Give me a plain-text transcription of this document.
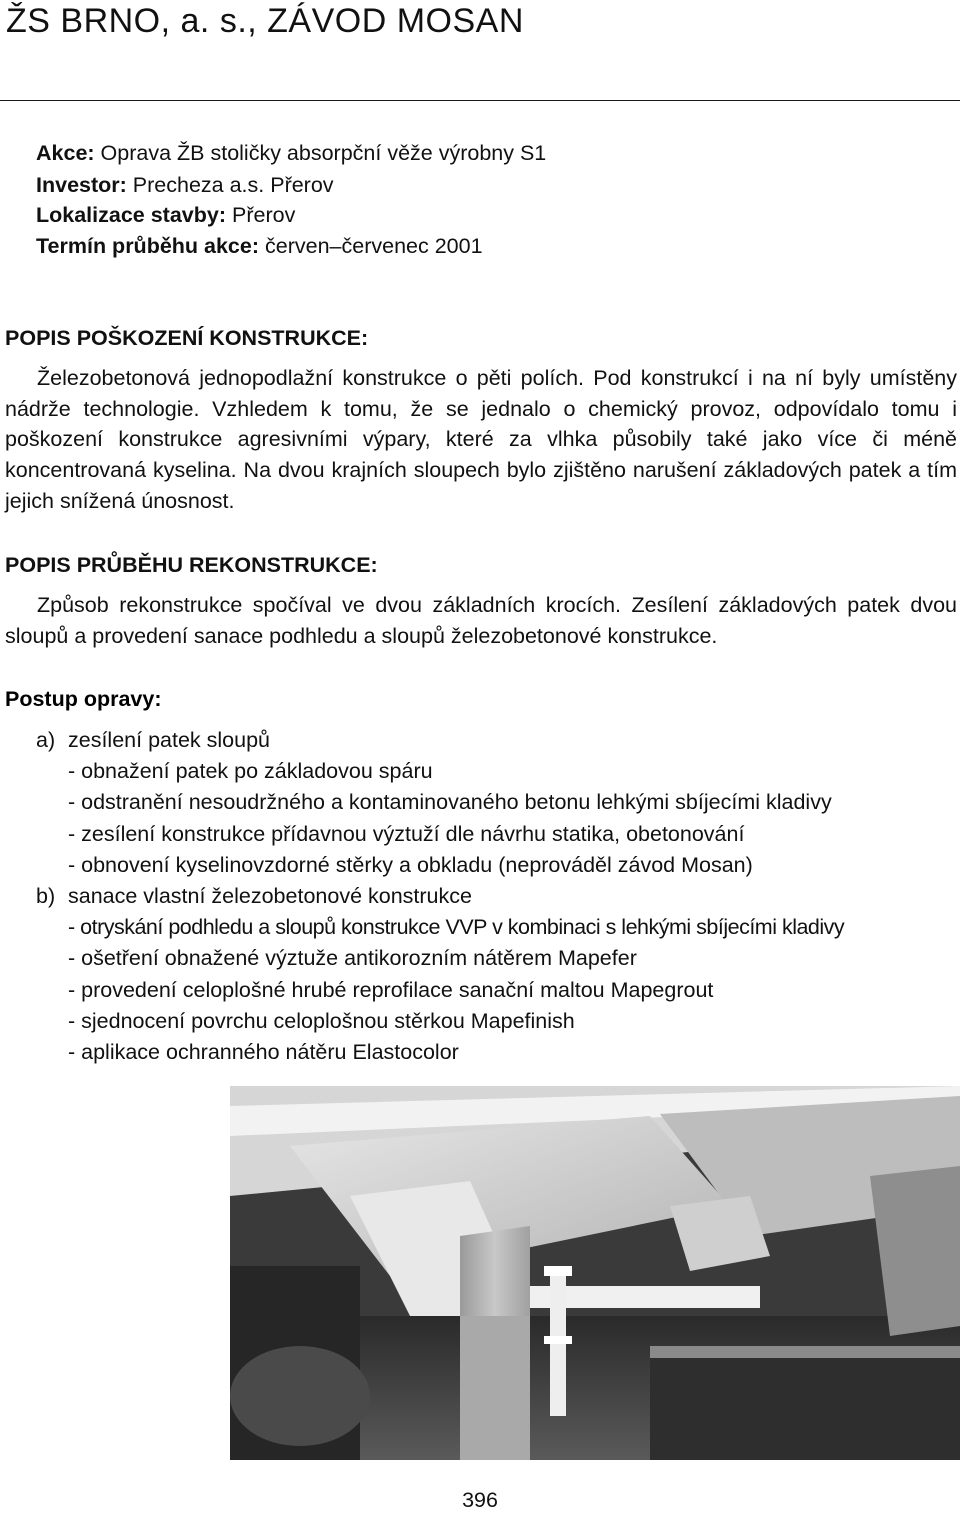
ŽS BRNO, a. s., ZÁVOD MOSAN
Akce: Oprava ŽB stoličky absorpční věže výrobny S1
Investor: Precheza a.s. Přerov
Lokalizace stavby: Přerov
Termín průběhu akce: červen–červenec 2001
POPIS POŠKOZENÍ KONSTRUKCE:

Železobetonová jednopodlažní konstrukce o pěti polích. Pod konstrukcí i na ní byly umístěny nádrže technologie. Vzhledem k tomu, že se jednalo o chemický provoz, odpovídalo tomu i poškození konstrukce agresivními výpary, které za vlhka působily také jako více či méně koncentrovaná kyselina. Na dvou krajních sloupech bylo zjištěno narušení základových patek a tím jejich snížená únosnost.

POPIS PRŮBĚHU REKONSTRUKCE:

Způsob rekonstrukce spočíval ve dvou základních krocích. Zesílení základových patek dvou sloupů a provedení sanace podhledu a sloupů železobetonové konstrukce.

Postup opravy:
a) zesílení patek sloupů
- obnažení patek po základovou spáru
- odstranění nesoudržného a kontaminovaného betonu lehkými sbíjecími kladivy
- zesílení konstrukce přídavnou výztuží dle návrhu statika, obetonování
- obnovení kyselinovzdorné stěrky a obkladu (neprováděl závod Mosan)
b) sanace vlastní železobetonové konstrukce
- otryskání podhledu a sloupů konstrukce VVP v kombinaci s lehkými sbíjecími kladivy
- ošetření obnažené výztuže antikorozním nátěrem Mapefer
- provedení celoplošné hrubé reprofilace sanační maltou Mapegrout
- sjednocení povrchu celoplošnou stěrkou Mapefinish
- aplikace ochranného nátěru Elastocolor
396
